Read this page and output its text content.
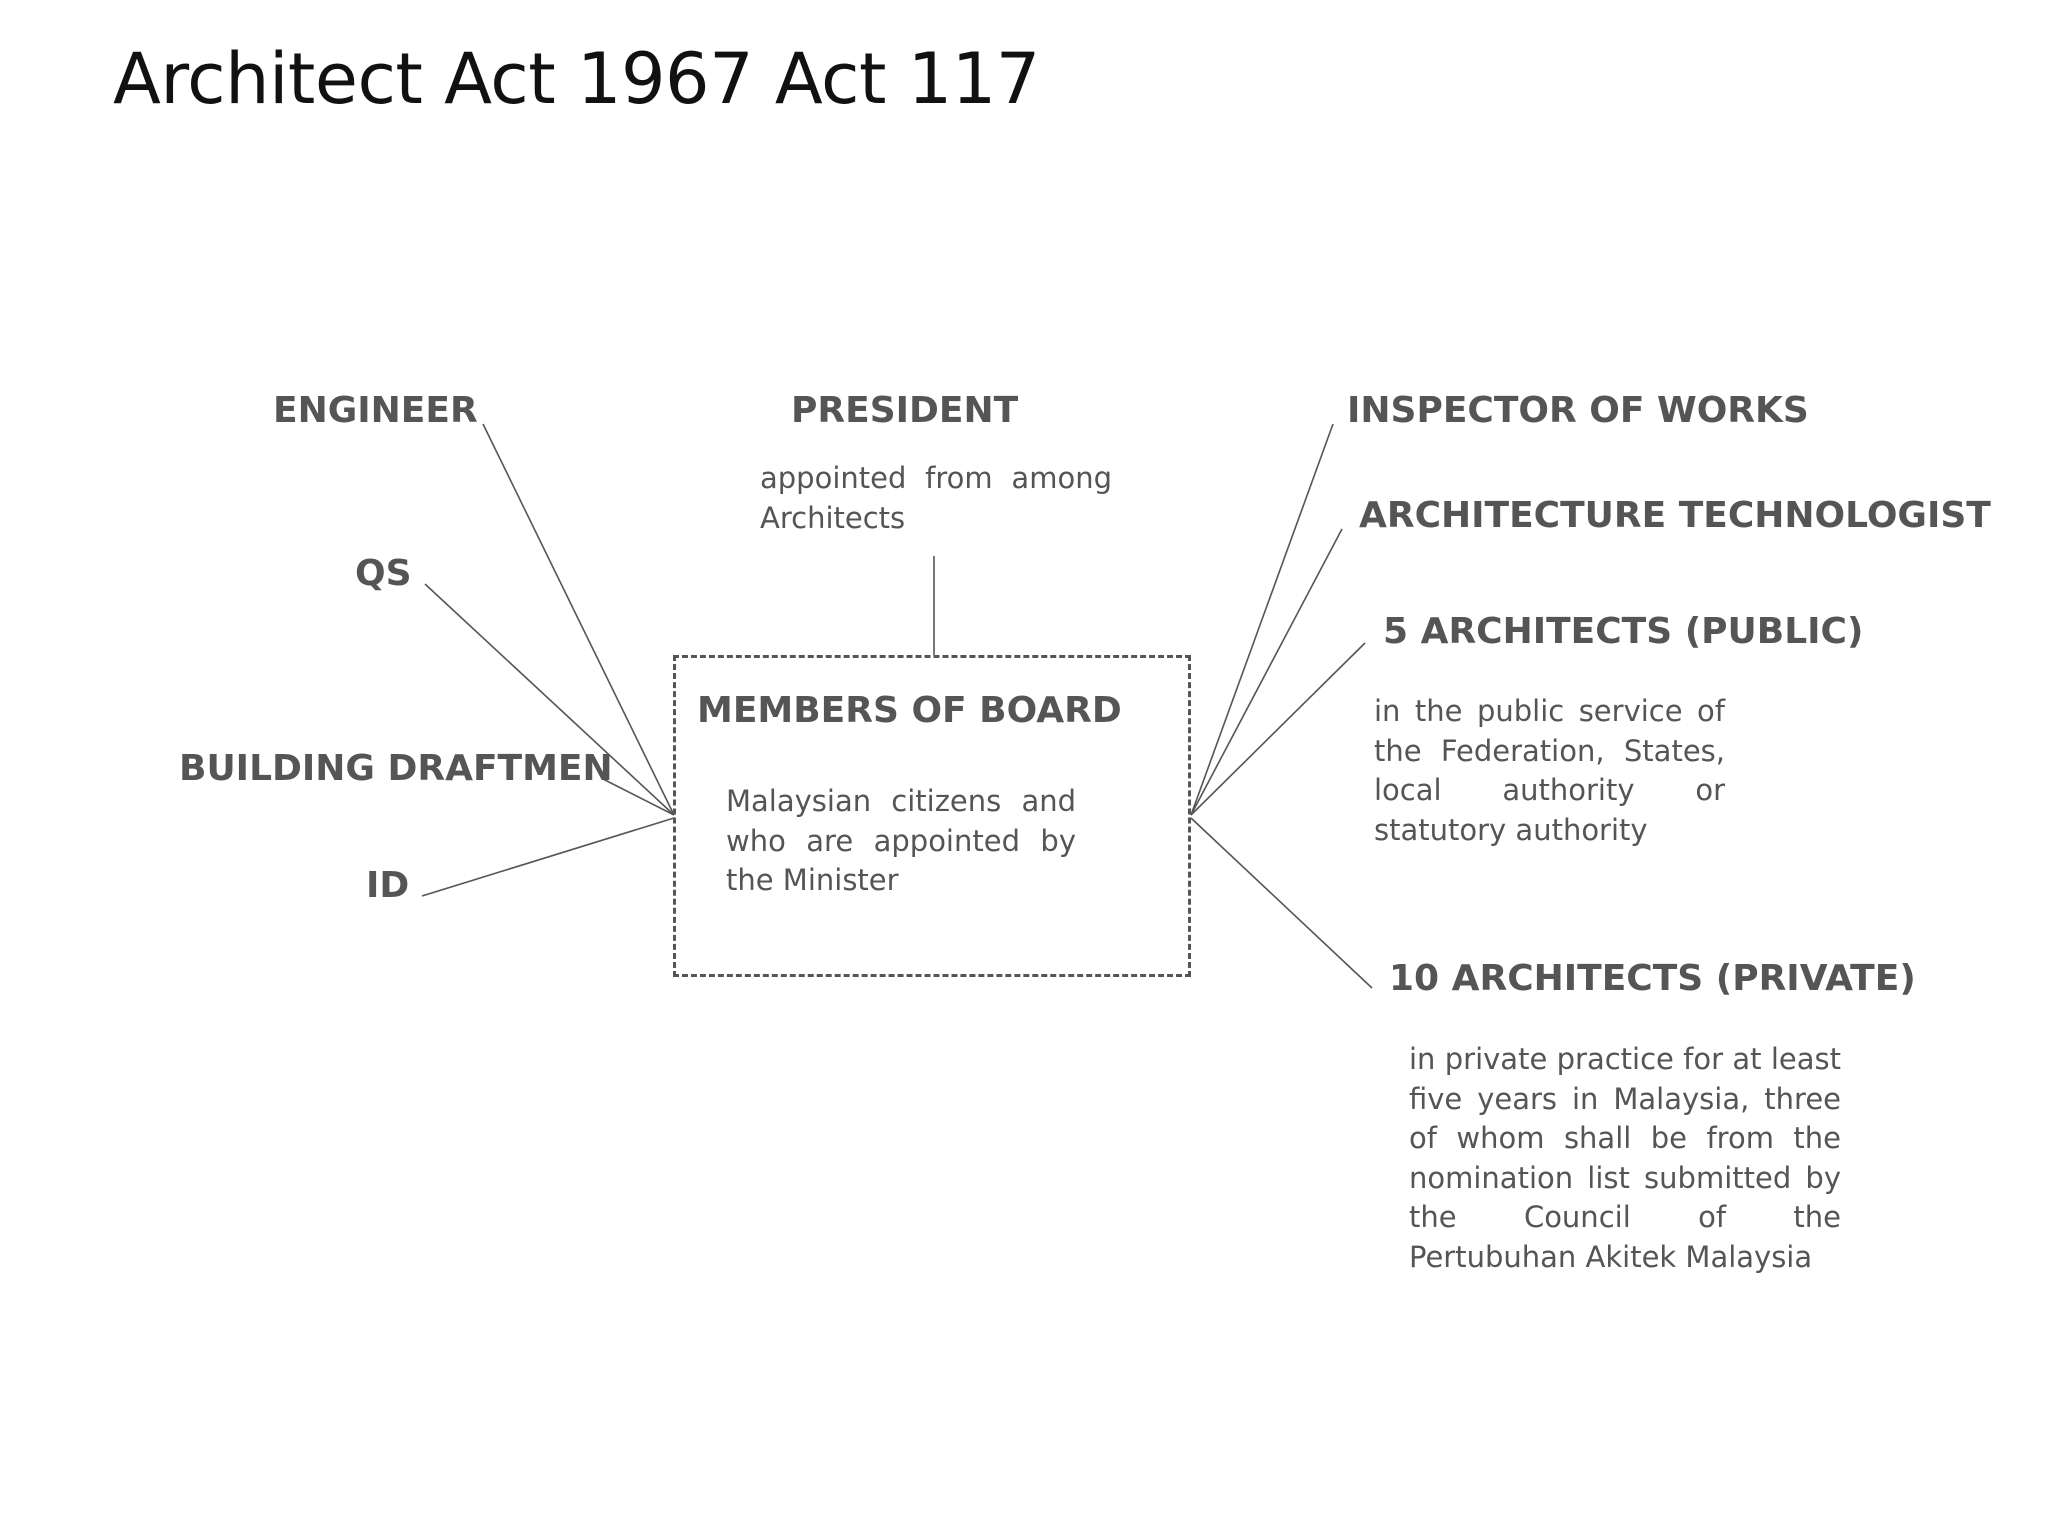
Architect Act 1967 Act 117
MEMBERS OF BOARD
Malaysian citizens and who are appointed by the Minister
PRESIDENT
appointed from among Architects
ENGINEER
QS
BUILDING DRAFTMEN
ID
INSPECTOR OF WORKS
ARCHITECTURE TECHNOLOGIST
5 ARCHITECTS (PUBLIC)
in the public service of the Federation, States, local authority or statutory authority
10 ARCHITECTS (PRIVATE)
in private practice for at least five years in Malaysia, three of whom shall be from the nomination list submitted by the Council of the Pertubuhan Akitek Malaysia
